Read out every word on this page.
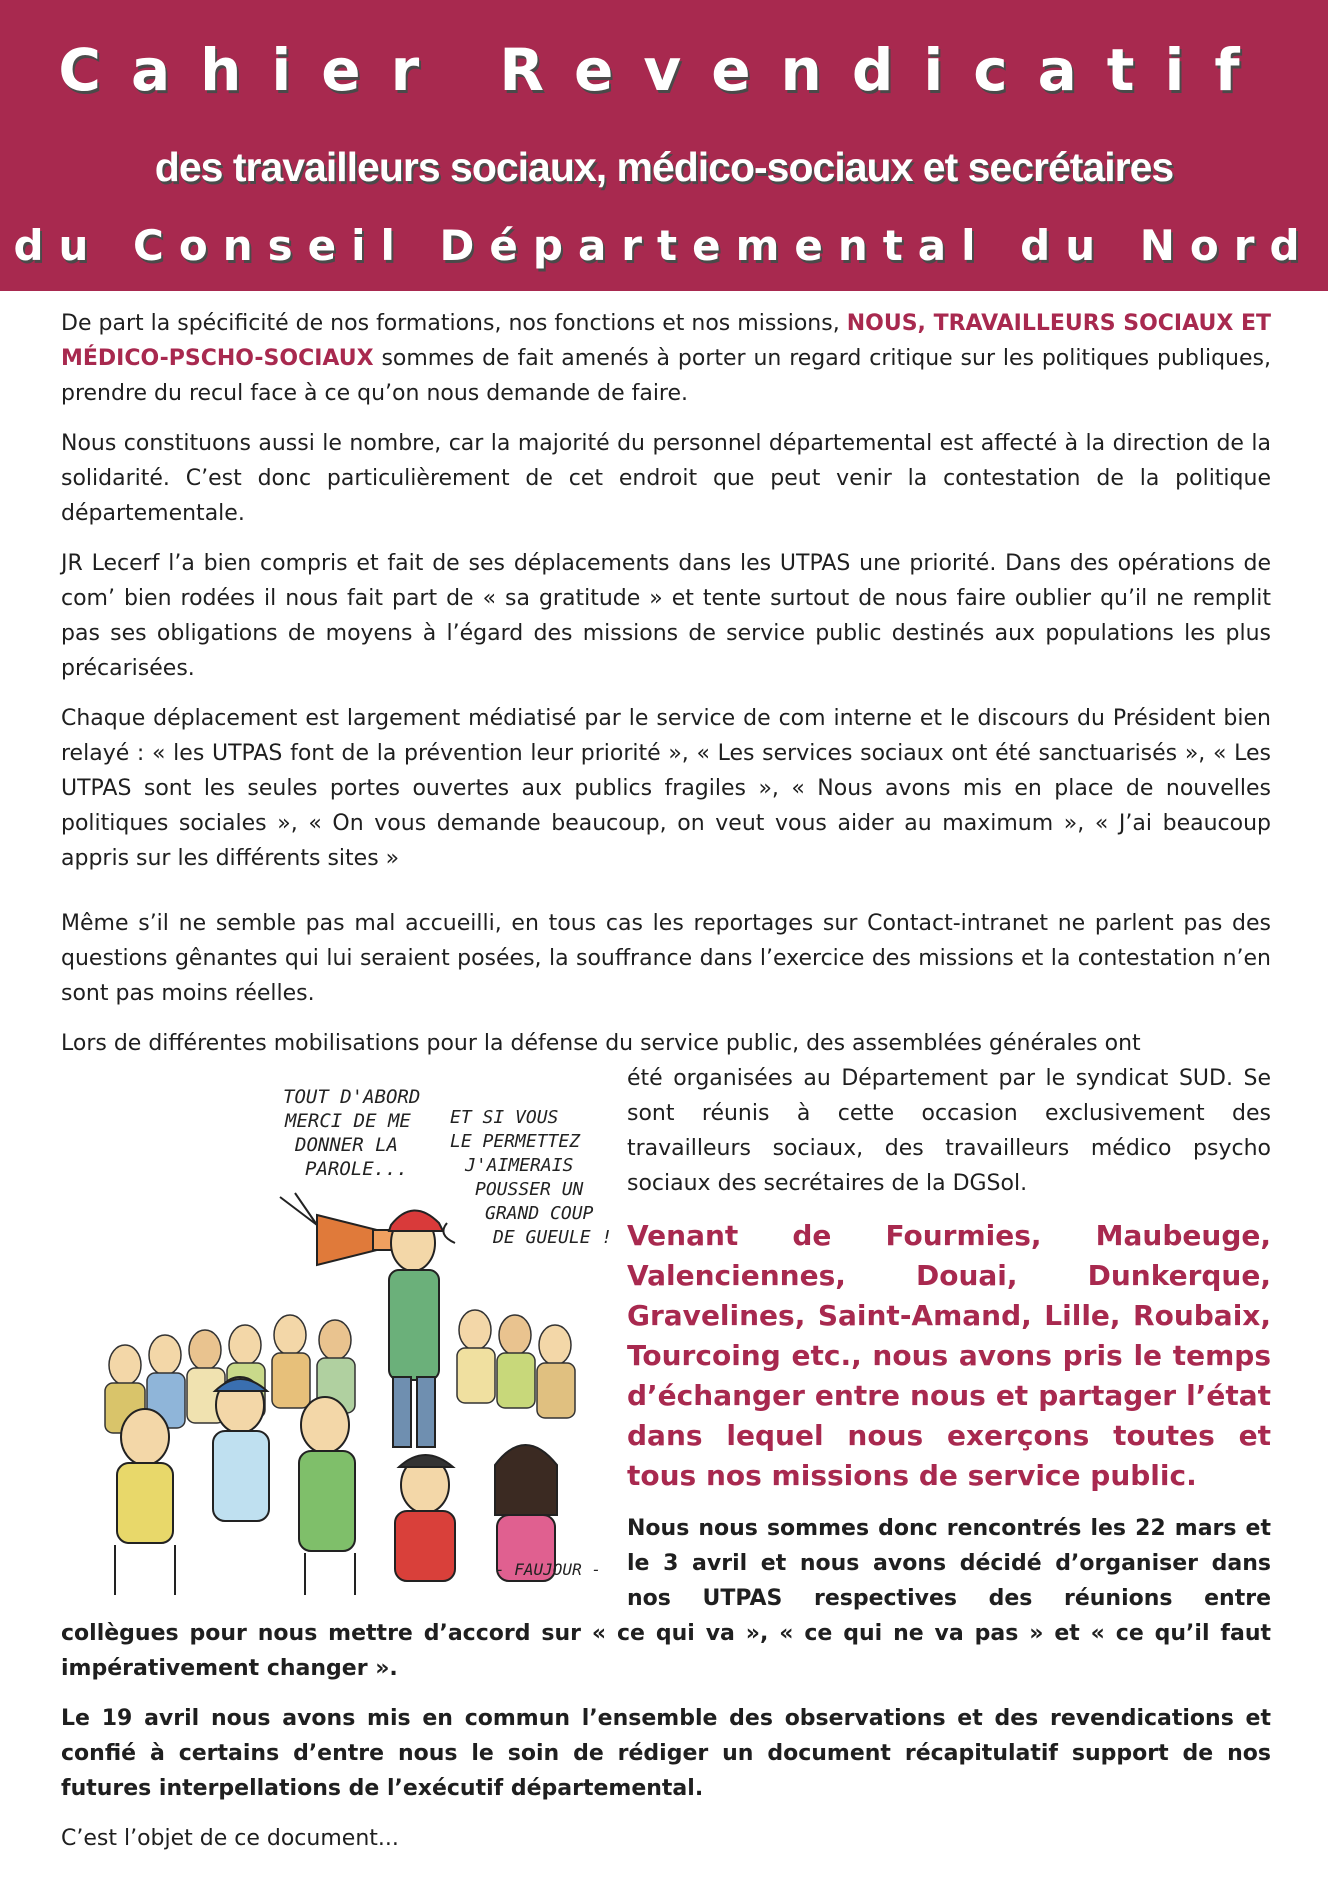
Cahier Revendicatif
des travailleurs sociaux, médico-sociaux et secrétaires
du Conseil Départemental du Nord

De part la spécificité de nos formations, nos fonctions et nos missions, NOUS, TRAVAILLEURS SOCIAUX ET MÉDICO-PSCHO-SOCIAUX sommes de fait amenés à porter un regard critique sur les politiques publiques, prendre du recul face à ce qu’on nous demande de faire.

Nous constituons aussi le nombre, car la majorité du personnel départemental est affecté à la direction de la solidarité. C’est donc particulièrement de cet endroit que peut venir la contestation de la politique départementale.

JR Lecerf l’a bien compris et fait de ses déplacements dans les UTPAS une priorité. Dans des opérations de com’ bien rodées il nous fait part de « sa gratitude » et tente surtout de nous faire oublier qu’il ne remplit pas ses obligations de moyens à l’égard des missions de service public destinés aux populations les plus précarisées.

Chaque déplacement est largement médiatisé par le service de com interne et le discours du Président bien relayé : « les UTPAS font de la prévention leur priorité », « Les services sociaux ont été sanctuarisés », « Les UTPAS sont les seules portes ouvertes aux publics fragiles », « Nous avons mis en place de nouvelles politiques sociales », « On vous demande beaucoup, on veut vous aider au maximum », « J’ai beaucoup appris sur les différents sites »

Même s’il ne semble pas mal accueilli, en tous cas les reportages sur Contact-intranet ne parlent pas des questions gênantes qui lui seraient posées, la souffrance dans l’exercice des missions et la contestation n’en sont pas moins réelles.

Lors de différentes mobilisations pour la défense du service public, des assemblées générales ont

TOUT D'ABORD MERCI DE ME DONNER LA PAROLE...
ET SI VOUS LE PERMETTEZ J'AIMERAIS POUSSER UN GRAND COUP DE GUEULE !
- FAUJOUR -

été organisées au Département par le syndicat SUD. Se sont réunis à cette occasion exclusivement des travailleurs sociaux, des travailleurs médico psycho sociaux des secrétaires de la DGSol.

Venant de Fourmies, Maubeuge, Valenciennes, Douai, Dunkerque, Gravelines, Saint-Amand, Lille, Roubaix, Tourcoing etc., nous avons pris le temps d’échanger entre nous et partager l’état dans lequel nous exerçons toutes et tous nos missions de service public.

Nous nous sommes donc rencontrés les 22 mars et le 3 avril et nous avons décidé d’organiser dans nos UTPAS respectives des réunions entre collègues pour nous mettre d’accord sur « ce qui va », « ce qui ne va pas » et « ce qu’il faut impérativement changer ».

Le 19 avril nous avons mis en commun l’ensemble des observations et des revendications et confié à certains d’entre nous le soin de rédiger un document récapitulatif support de nos futures interpellations de l’exécutif départemental.

C’est l’objet de ce document...
